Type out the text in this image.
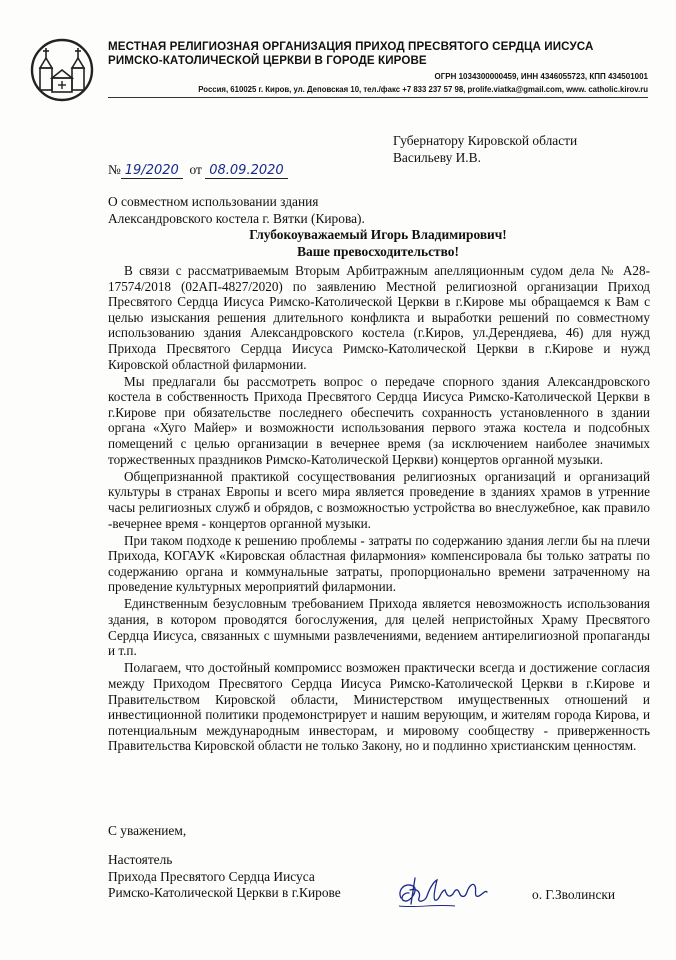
МЕСТНАЯ РЕЛИГИОЗНАЯ ОРГАНИЗАЦИЯ ПРИХОД ПРЕСВЯТОГО СЕРДЦА ИИСУСА
РИМСКО-КАТОЛИЧЕСКОЙ ЦЕРКВИ В ГОРОДЕ КИРОВЕ
ОГРН 1034300000459, ИНН 4346055723, КПП 434501001
Россия, 610025 г. Киров, ул. Деповская 10, тел./факс +7 833 237 57 98, prolife.viatka@gmail.com, www. catholic.kirov.ru
Губернатору Кировской области
Васильеву И.В.
№ 19/2020 от 08.09.2020
О совместном использовании здания
Александровского костела г. Вятки (Кирова).
Глубокоуважаемый Игорь Владимирович!
Ваше превосходительство!

В связи с рассматриваемым Вторым Арбитражным апелляционным судом дела № А28-17574/2018 (02АП-4827/2020) по заявлению Местной религиозной организации Приход Пресвятого Сердца Иисуса Римско-Католической Церкви в г.Кирове мы обращаемся к Вам с целью изыскания решения длительного конфликта и выработки решений по совместному использованию здания Александровского костела (г.Киров, ул.Дерендяева, 46) для нужд Прихода Пресвятого Сердца Иисуса Римско-Католической Церкви в г.Кирове и нужд Кировской областной филармонии.

Мы предлагали бы рассмотреть вопрос о передаче спорного здания Александровского костела в собственность Прихода Пресвятого Сердца Иисуса Римско-Католической Церкви в г.Кирове при обязательстве последнего обеспечить сохранность установленного в здании органа «Хуго Майер» и возможности использования первого этажа костела и подсобных помещений с целью организации в вечернее время (за исключением наиболее значимых торжественных праздников Римско-Католической Церкви) концертов органной музыки.

Общепризнанной практикой сосуществования религиозных организаций и организаций культуры в странах Европы и всего мира является проведение в зданиях храмов в утренние часы религиозных служб и обрядов, с возможностью устройства во внеслужебное, как правило -вечернее время - концертов органной музыки.

При таком подходе к решению проблемы - затраты по содержанию здания легли бы на плечи Прихода, КОГАУК «Кировская областная филармония» компенсировала бы только затраты по содержанию органа и коммунальные затраты, пропорционально времени затраченному на проведение культурных мероприятий филармонии.

Единственным безусловным требованием Прихода является невозможность использования здания, в котором проводятся богослужения, для целей непристойных Храму Пресвятого Сердца Иисуса, связанных с шумными развлечениями, ведением антирелигиозной пропаганды и т.п.

Полагаем, что достойный компромисс возможен практически всегда и достижение согласия между Приходом Пресвятого Сердца Иисуса Римско-Католической Церкви в г.Кирове и Правительством Кировской области, Министерством имущественных отношений и инвестиционной политики продемонстрирует и нашим верующим, и жителям города Кирова, и потенциальным международным инвесторам, и мировому сообществу - приверженность Правительства Кировской области не только Закону, но и подлинно христианским ценностям.

С уважением,
Настоятель
Прихода Пресвятого Сердца Иисуса
Римско-Католической Церкви в г.Кирове	о. Г.Зволински
